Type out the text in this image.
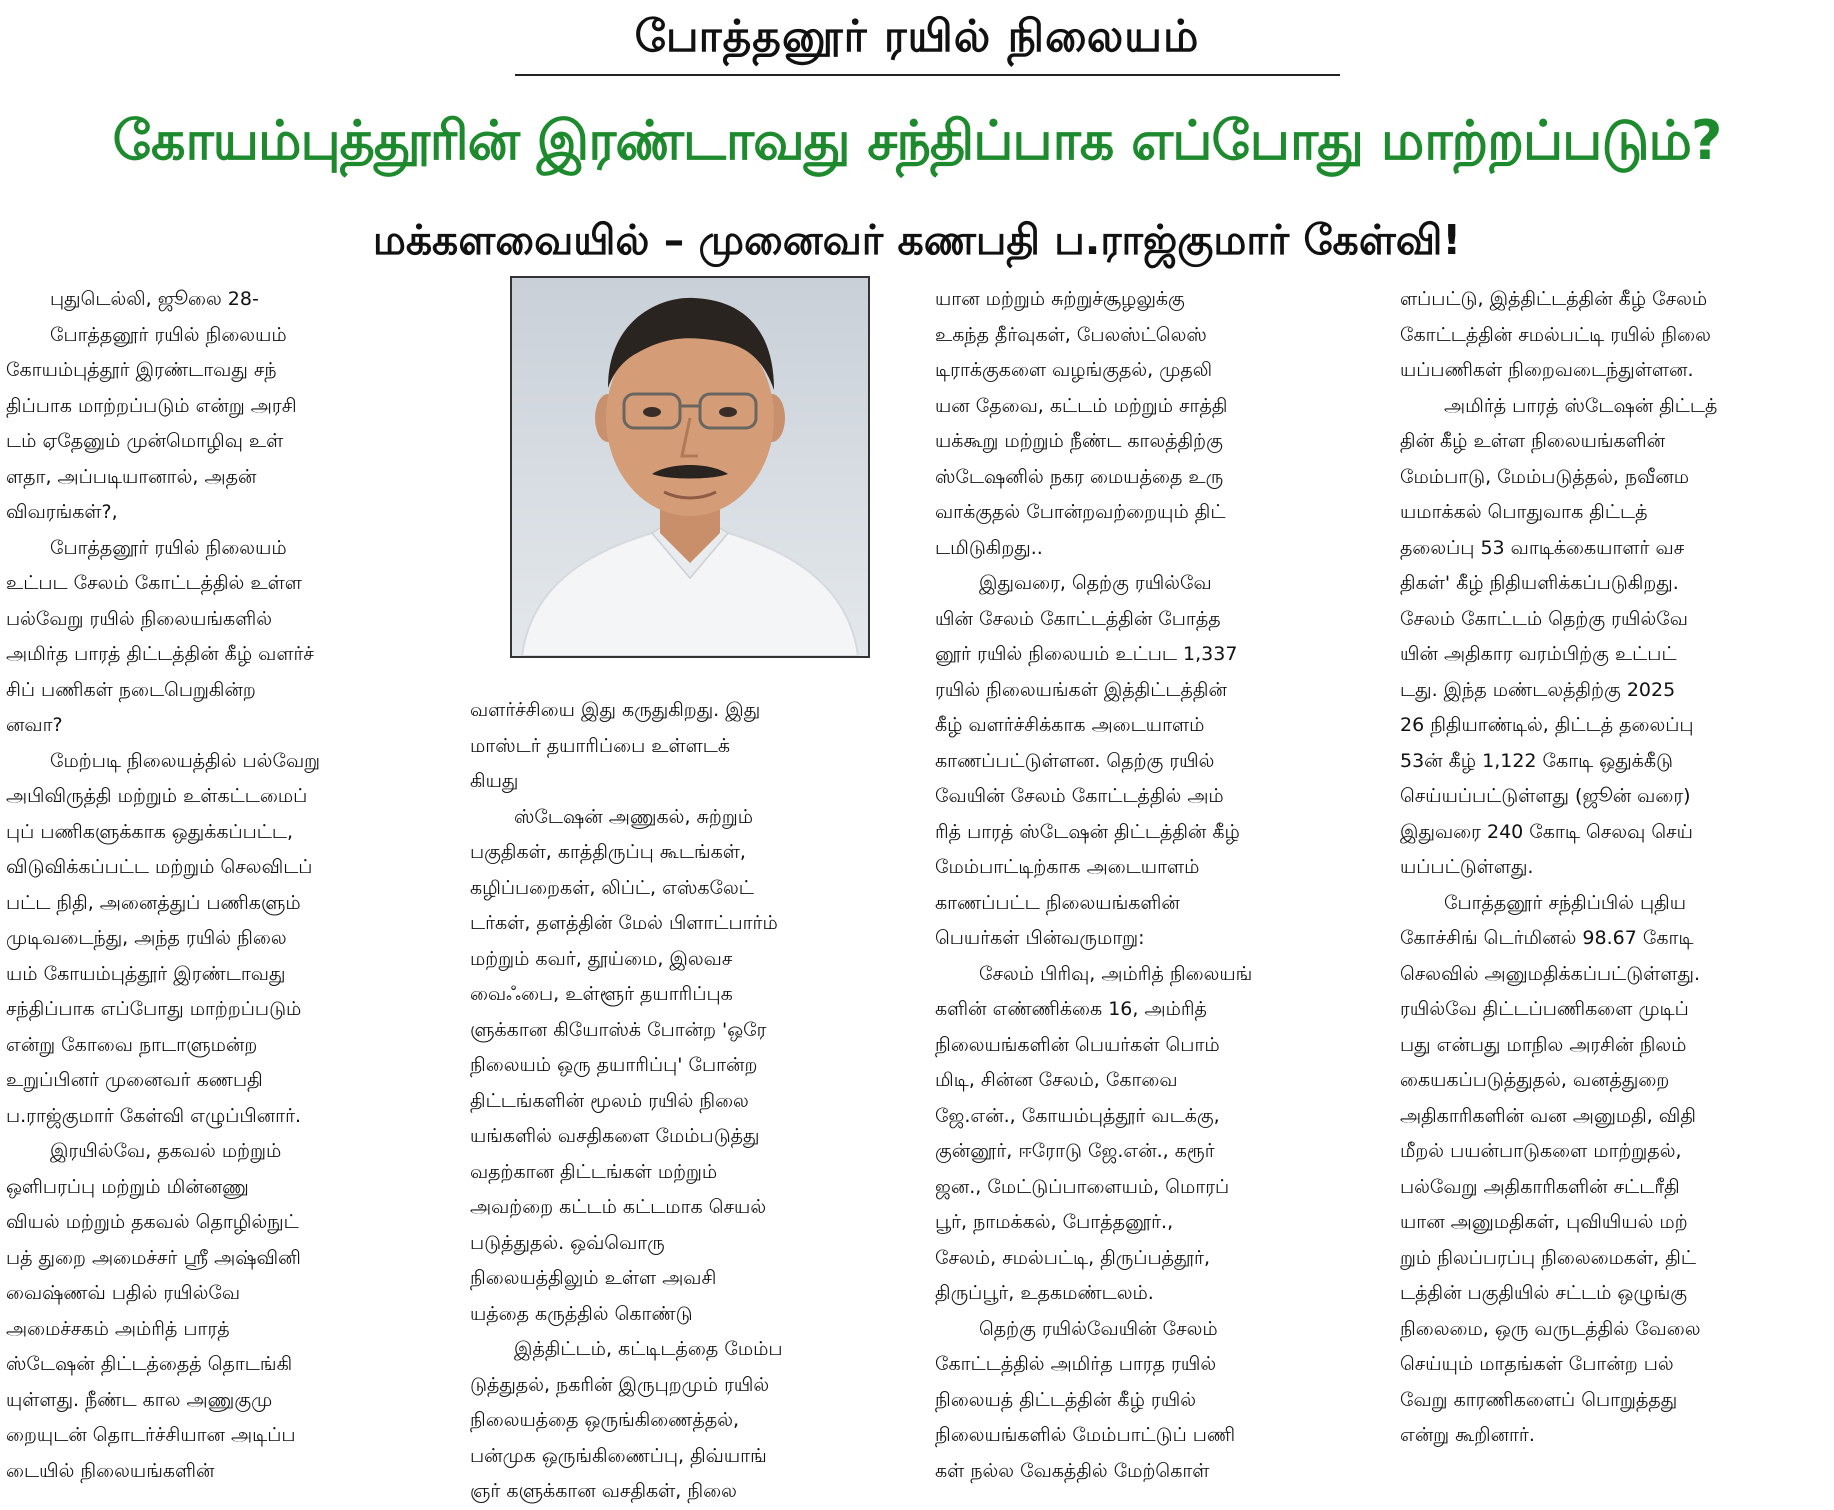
போத்தனூர் ரயில் நிலையம்
கோயம்புத்தூரின் இரண்டாவது சந்திப்பாக எப்போது மாற்றப்படும்?
மக்களவையில் – முனைவர் கணபதி ப.ராஜ்குமார் கேள்வி!
புதுடெல்லி, ஜூலை 28-
போத்தனூர் ரயில் நிலையம்
கோயம்புத்தூர் இரண்டாவது சந்
திப்பாக மாற்றப்படும் என்று அரசி
டம் ஏதேனும் முன்மொழிவு உள்
ளதா, அப்படியானால், அதன்
விவரங்கள்?,
போத்தனூர் ரயில் நிலையம்
உட்பட சேலம் கோட்டத்தில் உள்ள
பல்வேறு ரயில் நிலையங்களில்
அமிர்த பாரத் திட்டத்தின் கீழ் வளர்ச்
சிப் பணிகள் நடைபெறுகின்ற
னவா?
மேற்படி நிலையத்தில் பல்வேறு
அபிவிருத்தி மற்றும் உள்கட்டமைப்
புப் பணிகளுக்காக ஒதுக்கப்பட்ட,
விடுவிக்கப்பட்ட மற்றும் செலவிடப்
பட்ட நிதி, அனைத்துப் பணிகளும்
முடிவடைந்து, அந்த ரயில் நிலை
யம் கோயம்புத்தூர் இரண்டாவது
சந்திப்பாக எப்போது மாற்றப்படும்
என்று கோவை நாடாளுமன்ற
உறுப்பினர் முனைவர் கணபதி
ப.ராஜ்குமார் கேள்வி எழுப்பினார்.
இரயில்வே, தகவல் மற்றும்
ஒளிபரப்பு மற்றும் மின்னணு
வியல் மற்றும் தகவல் தொழில்நுட்
பத் துறை அமைச்சர் ஸ்ரீ அஷ்வினி
வைஷ்ணவ் பதில் ரயில்வே
அமைச்சகம் அம்ரித் பாரத்
ஸ்டேஷன் திட்டத்தைத் தொடங்கி
யுள்ளது. நீண்ட கால அணுகுமு
றையுடன் தொடர்ச்சியான அடிப்ப
டையில் நிலையங்களின்
வளர்ச்சியை இது கருதுகிறது. இது
மாஸ்டர் தயாரிப்பை உள்ளடக்
கியது
ஸ்டேஷன் அணுகல், சுற்றும்
பகுதிகள், காத்திருப்பு கூடங்கள்,
கழிப்பறைகள், லிப்ட், எஸ்கலேட்
டர்கள், தளத்தின் மேல் பிளாட்பார்ம்
மற்றும் கவர், தூய்மை, இலவச
வைஃபை, உள்ளூர் தயாரிப்புக
ளுக்கான கியோஸ்க் போன்ற 'ஒரே
நிலையம் ஒரு தயாரிப்பு' போன்ற
திட்டங்களின் மூலம் ரயில் நிலை
யங்களில் வசதிகளை மேம்படுத்து
வதற்கான திட்டங்கள் மற்றும்
அவற்றை கட்டம் கட்டமாக செயல்
படுத்துதல். ஒவ்வொரு
நிலையத்திலும் உள்ள அவசி
யத்தை கருத்தில் கொண்டு
இத்திட்டம், கட்டிடத்தை மேம்ப
டுத்துதல், நகரின் இருபுறமும் ரயில்
நிலையத்தை ஒருங்கிணைத்தல்,
பன்முக ஒருங்கிணைப்பு, திவ்யாங்
ஞர் களுக்கான வசதிகள், நிலை
யான மற்றும் சுற்றுச்சூழலுக்கு
உகந்த தீர்வுகள், பேலஸ்ட்லெஸ்
டிராக்குகளை வழங்குதல், முதலி
யன தேவை, கட்டம் மற்றும் சாத்தி
யக்கூறு மற்றும் நீண்ட காலத்திற்கு
ஸ்டேஷனில் நகர மையத்தை உரு
வாக்குதல் போன்றவற்றையும் திட்
டமிடுகிறது..
இதுவரை, தெற்கு ரயில்வே
யின் சேலம் கோட்டத்தின் போத்த
னூர் ரயில் நிலையம் உட்பட 1,337
ரயில் நிலையங்கள் இத்திட்டத்தின்
கீழ் வளர்ச்சிக்காக அடையாளம்
காணப்பட்டுள்ளன. தெற்கு ரயில்
வேயின் சேலம் கோட்டத்தில் அம்
ரித் பாரத் ஸ்டேஷன் திட்டத்தின் கீழ்
மேம்பாட்டிற்காக அடையாளம்
காணப்பட்ட நிலையங்களின்
பெயர்கள் பின்வருமாறு:
சேலம் பிரிவு, அம்ரித் நிலையங்
களின் எண்ணிக்கை 16, அம்ரித்
நிலையங்களின் பெயர்கள் பொம்
மிடி, சின்ன சேலம், கோவை
ஜே.என்., கோயம்புத்தூர் வடக்கு,
குன்னூர், ஈரோடு ஜே.என்., கரூர்
ஜன., மேட்டுப்பாளையம், மொரப்
பூர், நாமக்கல், போத்தனூர்.,
சேலம், சமல்பட்டி, திருப்பத்தூர்,
திருப்பூர், உதகமண்டலம்.
தெற்கு ரயில்வேயின் சேலம்
கோட்டத்தில் அமிர்த பாரத ரயில்
நிலையத் திட்டத்தின் கீழ் ரயில்
நிலையங்களில் மேம்பாட்டுப் பணி
கள் நல்ல வேகத்தில் மேற்கொள்
ளப்பட்டு, இத்திட்டத்தின் கீழ் சேலம்
கோட்டத்தின் சமல்பட்டி ரயில் நிலை
யப்பணிகள் நிறைவடைந்துள்ளன.
அமிர்த் பாரத் ஸ்டேஷன் திட்டத்
தின் கீழ் உள்ள நிலையங்களின்
மேம்பாடு, மேம்படுத்தல், நவீனம
யமாக்கல் பொதுவாக திட்டத்
தலைப்பு 53 வாடிக்கையாளர் வச
திகள்' கீழ் நிதியளிக்கப்படுகிறது.
சேலம் கோட்டம் தெற்கு ரயில்வே
யின் அதிகார வரம்பிற்கு உட்பட்
டது. இந்த மண்டலத்திற்கு 2025
26 நிதியாண்டில், திட்டத் தலைப்பு
53ன் கீழ் 1,122 கோடி ஒதுக்கீடு
செய்யப்பட்டுள்ளது (ஜூன் வரை)
இதுவரை 240 கோடி செலவு செய்
யப்பட்டுள்ளது.
போத்தனூர் சந்திப்பில் புதிய
கோச்சிங் டெர்மினல் 98.67 கோடி
செலவில் அனுமதிக்கப்பட்டுள்ளது.
ரயில்வே திட்டப்பணிகளை முடிப்
பது என்பது மாநில அரசின் நிலம்
கையகப்படுத்துதல், வனத்துறை
அதிகாரிகளின் வன அனுமதி, விதி
மீறல் பயன்பாடுகளை மாற்றுதல்,
பல்வேறு அதிகாரிகளின் சட்டரீதி
யான அனுமதிகள், புவியியல் மற்
றும் நிலப்பரப்பு நிலைமைகள், திட்
டத்தின் பகுதியில் சட்டம் ஒழுங்கு
நிலைமை, ஒரு வருடத்தில் வேலை
செய்யும் மாதங்கள் போன்ற பல்
வேறு காரணிகளைப் பொறுத்தது
என்று கூறினார்.
